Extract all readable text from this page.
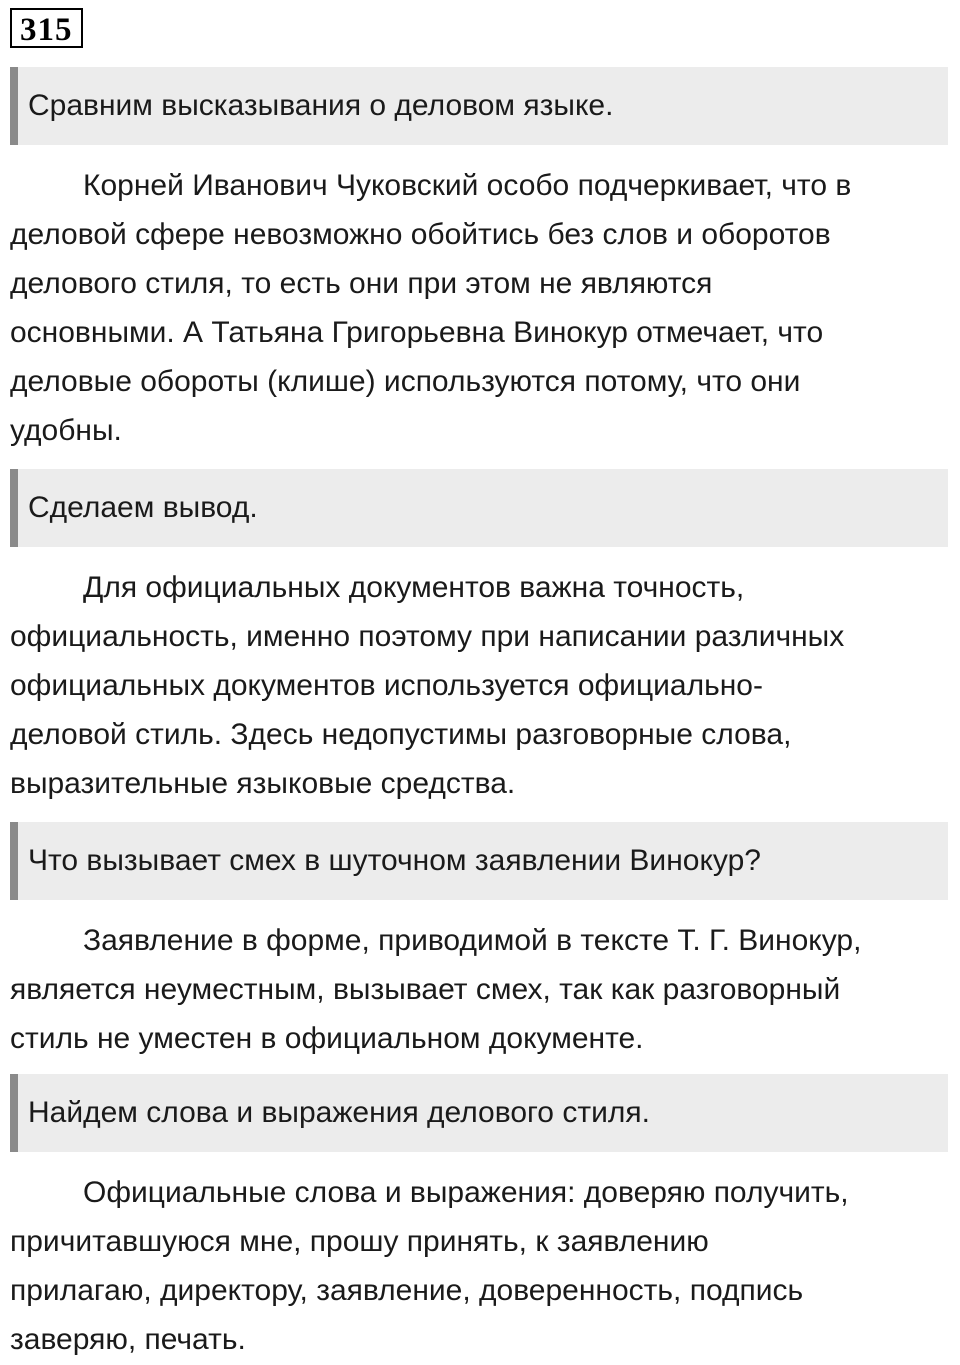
315
Сравним высказывания о деловом языке.
Корней Иванович Чуковский особо подчеркивает, что в
деловой сфере невозможно обойтись без слов и оборотов
делового стиля, то есть они при этом не являются
основными. А Татьяна Григорьевна Винокур отмечает, что
деловые обороты (клише) используются потому, что они
удобны.
Сделаем вывод.
Для официальных документов важна точность,
официальность, именно поэтому при написании различных
официальных документов используется официально-
деловой стиль. Здесь недопустимы разговорные слова,
выразительные языковые средства.
Что вызывает смех в шуточном заявлении Винокур?
Заявление в форме, приводимой в тексте Т. Г. Винокур,
является неуместным, вызывает смех, так как разговорный
стиль не уместен в официальном документе.
Найдем слова и выражения делового стиля.
Официальные слова и выражения: доверяю получить,
причитавшуюся мне, прошу принять, к заявлению
прилагаю, директору, заявление, доверенность, подпись
заверяю, печать.
